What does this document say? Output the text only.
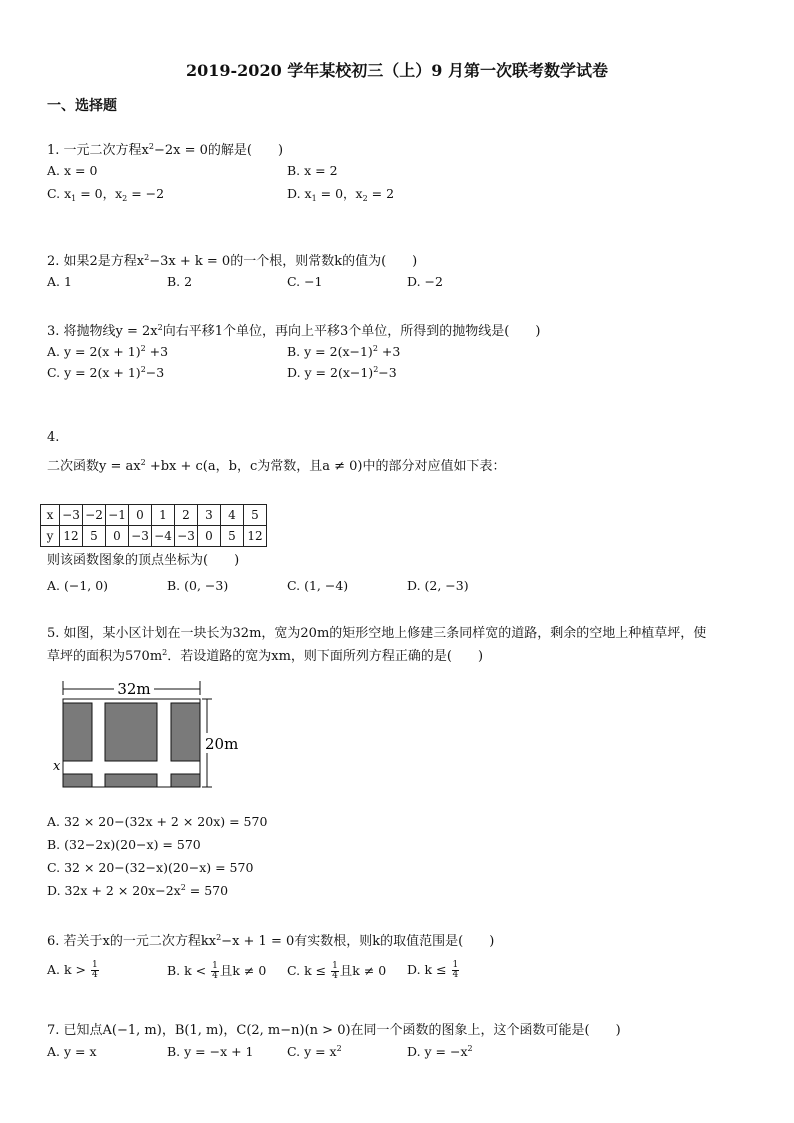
2019-2020 学年某校初三（上）9 月第一次联考数学试卷
一、选择题
1. 一元二次方程$x^2-2x = 0$的解是(　　)
A. x = 0	B. x = 2
C. $x_1 = 0$，$x_2 = -2$	D. $x_1 = 0$，$x_2 = 2$
2. 如果2是方程$x^2-3x + k = 0$的一个根，则常数k的值为(　　)
A. 1	B. 2	C. −1	D. −2
3. 将抛物线$y = 2x^2$向右平移1个单位，再向上平移3个单位，所得到的抛物线是(　　)
A. $y = 2(x + 1)^2 +3$	B. $y = 2(x-1)^2 +3$
C. $y = 2(x + 1)^2-3$	D. $y = 2(x-1)^2-3$
4.
二次函数$y = ax^2 +bx + c(a$，b，c为常数，且a ≠ 0)中的部分对应值如下表：
x	−3	−2	−1	0	1	2	3	4	5
y	12	5	0	−3	−4	−3	0	5	12
则该函数图象的顶点坐标为(　　)
A. (−1, 0)	B. (0, −3)	C. (1, −4)	D. (2, −3)
5. 如图，某小区计划在一块长为32m，宽为20m的矩形空地上修建三条同样宽的道路，剩余的空地上种植草坪，使
草坪的面积为$570m^2$．若设道路的宽为xm，则下面所列方程正确的是(　　)
32m
20m
x
A. 32 × 20−(32x + 2 × 20x) = 570
B. (32−2x)(20−x) = 570
C. 32 × 20−(32−x)(20−x) = 570
D. $32x + 2 \times 20x-2x^2 = 570$
6. 若关于x的一元二次方程$kx^2-x + 1 = 0$有实数根，则k的取值范围是(　　)
A. $k > \frac{1}{4}$	B. $k < \frac{1}{4}$ 且k ≠ 0 C. $k \le \frac{1}{4}$ 且k ≠ 0 D. $k \le \frac{1}{4}$
7. 已知点A(−1, m)，B(1, m)，C(2, m−n)(n > 0)在同一个函数的图象上，这个函数可能是(　　)
A. y = x	B. y = −x + 1	C. $y = x^2$	D. $y = -x^2$
